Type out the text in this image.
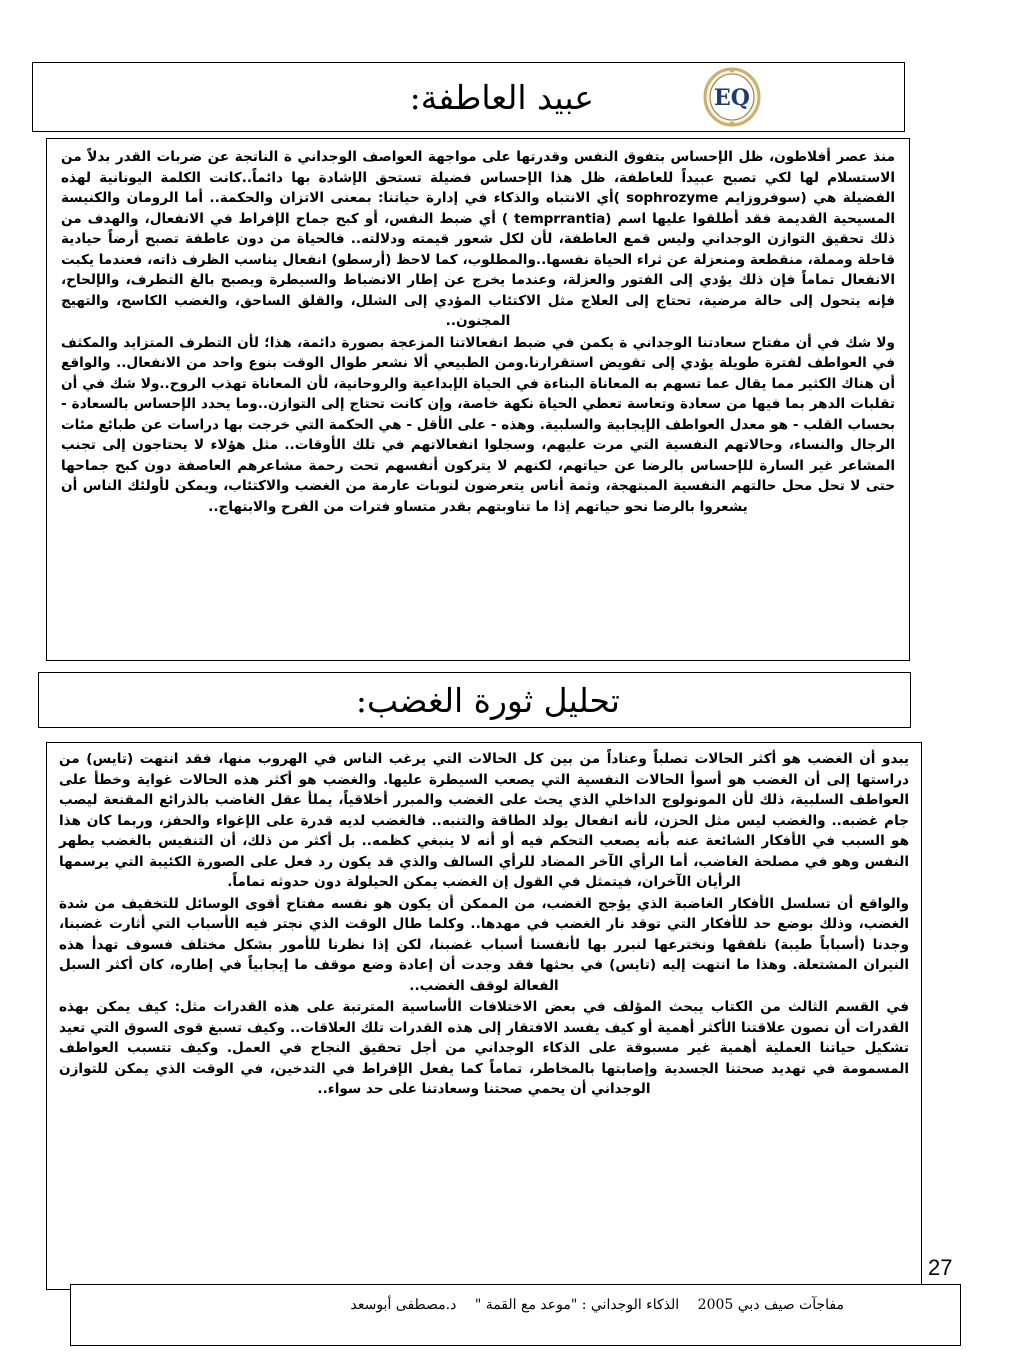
EQ
عبيد العاطفة:

منذ عصر أفلاطون، ظل الإحساس بتفوق النفس وقدرتها على مواجهة العواصف الوجداني ة الناتجة عن ضربات القدر بدلاً من الاستسلام لها لكي تصبح عبيداً للعاطفة، ظل هذا الإحساس فضيلة تستحق الإشادة بها دائماً..كانت الكلمة اليونانية لهذه الفضيلة هي (سوفروزايم sophrozyme )أي الانتباه والذكاء في إدارة حياتنا: بمعنى الاتزان والحكمة.. أما الرومان والكنيسة المسيحية القديمة فقد أطلقوا عليها اسم (temprrantia ) أي ضبط النفس، أو كبح جماح الإفراط في الانفعال، والهدف من ذلك تحقيق التوازن الوجداني وليس قمع العاطفة، لأن لكل شعور قيمته ودلالته.. فالحياة من دون عاطفة تصبح أرضاً حيادية قاحلة ومملة، منقطعة ومنعزلة عن ثراء الحياة نفسها..والمطلوب، كما لاحظ (أرسطو) انفعال يناسب الظرف ذاته، فعندما يكبت الانفعال تماماً فإن ذلك يؤدي إلى الفتور والعزلة، وعندما يخرج عن إطار الانضباط والسيطرة ويصبح بالغ التطرف، والإلحاح، فإنه يتحول إلى حالة مرضية، تحتاج إلى العلاج مثل الاكتئاب المؤدي إلى الشلل، والقلق الساحق، والغضب الكاسح، والتهيج المجنون..

ولا شك في أن مفتاح سعادتنا الوجداني ة يكمن في ضبط انفعالاتنا المزعجة بصورة دائمة، هذا؛ لأن التطرف المتزايد والمكثف في العواطف لفترة طويلة يؤدي إلى تقويض استقرارنا.ومن الطبيعي ألا نشعر طوال الوقت بنوع واحد من الانفعال.. والواقع أن هناك الكثير مما يقال عما تسهم به المعاناة البناءة في الحياة الإبداعية والروحانية، لأن المعاناة تهذب الروح..ولا شك في أن تقلبات الدهر بما فيها من سعادة وتعاسة تعطي الحياة نكهة خاصة، وإن كانت تحتاج إلى التوازن..وما يحدد الإحساس بالسعادة - بحساب القلب - هو معدل العواطف الإيجابية والسلبية. وهذه - على الأقل - هي الحكمة التي خرجت بها دراسات عن طبائع مئات الرجال والنساء، وحالاتهم النفسية التي مرت عليهم، وسجلوا انفعالاتهم في تلك الأوقات.. مثل هؤلاء لا يحتاجون إلى تجنب المشاعر غير السارة للإحساس بالرضا عن حياتهم، لكنهم لا يتركون أنفسهم تحت رحمة مشاعرهم العاصفة دون كبح جماحها حتى لا تحل محل حالتهم النفسية المبتهجة، وثمة أناس يتعرضون لنوبات عارمة من الغضب والاكتئاب، ويمكن لأولئك الناس أن يشعروا بالرضا نحو حياتهم إذا ما تناوبتهم بقدر متساو فترات من الفرح والابتهاج..

تحليل ثورة الغضب:

يبدو أن الغضب هو أكثر الحالات تصلباً وعناداً من بين كل الحالات التي يرغب الناس في الهروب منها، فقد انتهت (تايس) من دراستها إلى أن الغضب هو أسوأ الحالات النفسية التي يصعب السيطرة عليها. والغضب هو أكثر هذه الحالات غواية وخطأ على العواطف السلبية، ذلك لأن المونولوج الداخلي الذي يحث على الغضب والمبرر أخلاقياً، يملأ عقل الغاضب بالذرائع المقنعة ليصب جام غضبه.. والغضب ليس مثل الحزن، لأنه انفعال يولد الطاقة والتنبه.. فالغضب لديه قدرة على الإغواء والحفز، وربما كان هذا هو السبب في الأفكار الشائعة عنه بأنه يصعب التحكم فيه أو أنه لا ينبغي كظمه.. بل أكثر من ذلك، أن التنفيس بالغضب يطهر النفس وهو في مصلحة الغاضب، أما الرأي الآخر المضاد للرأي السالف والذي قد يكون رد فعل على الصورة الكئيبة التي يرسمها الرأيان الآخران، فيتمثل في القول إن الغضب يمكن الحيلولة دون حدوثه تماماً.

والواقع أن تسلسل الأفكار الغاضبة الذي يؤجج الغضب، من الممكن أن يكون هو نفسه مفتاح أقوى الوسائل للتخفيف من شدة الغضب، وذلك بوضع حد للأفكار التي توقد نار الغضب في مهدها.. وكلما طال الوقت الذي نجتر فيه الأسباب التي أثارت غضبنا، وجدنا (أسباباً طيبة) نلفقها ونخترعها لنبرر بها لأنفسنا أسباب غضبنا، لكن إذا نظرنا للأمور بشكل مختلف فسوف تهدأ هذه النيران المشتعلة. وهذا ما انتهت إليه (تايس) في بحثها فقد وجدت أن إعادة وضع موقف ما إيجابياً في إطاره، كان أكثر السبل الفعالة لوقف الغضب..

في القسم الثالث من الكتاب يبحث المؤلف في بعض الاختلافات الأساسية المترتبة على هذه القدرات مثل: كيف يمكن بهذه القدرات أن نصون علاقتنا الأكثر أهمية أو كيف يفسد الافتقار إلى هذه القدرات تلك العلاقات.. وكيف تسبغ قوى السوق التي تعيد تشكيل حياتنا العملية أهمية غير مسبوقة على الذكاء الوجداني من أجل تحقيق النجاح في العمل. وكيف تتسبب العواطف المسمومة في تهديد صحتنا الجسدية وإصابتها بالمخاطر، تماماً كما يفعل الإفراط في التدخين، في الوقت الذي يمكن للتوازن الوجداني أن يحمي صحتنا وسعادتنا على حد سواء..

27
مفاجآت صيف دبي 2005 الذكاء الوجداني : "موعد مع القمة " د.مصطفى أبوسعد
